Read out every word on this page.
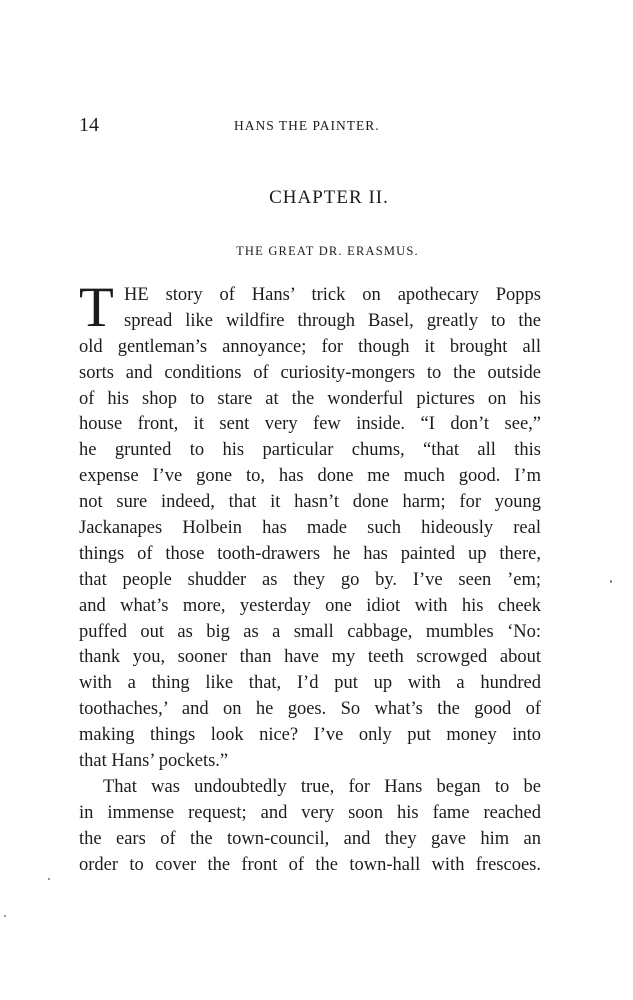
14	HANS THE PAINTER.
CHAPTER II.
THE GREAT DR. ERASMUS.
T HE story of Hans’ trick on apothecary Popps
spread like wildfire through Basel, greatly to the
old gentleman’s annoyance; for though it brought all
sorts and conditions of curiosity-mongers to the outside
of his shop to stare at the wonderful pictures on his
house front, it sent very few inside. “I don’t see,”
he grunted to his particular chums, “that all this
expense I’ve gone to, has done me much good. I’m
not sure indeed, that it hasn’t done harm; for young
Jackanapes Holbein has made such hideously real
things of those tooth-drawers he has painted up there,
that people shudder as they go by. I’ve seen ’em;
and what’s more, yesterday one idiot with his cheek
puffed out as big as a small cabbage, mumbles ‘No:
thank you, sooner than have my teeth scrowged about
with a thing like that, I’d put up with a hundred
toothaches,’ and on he goes. So what’s the good of
making things look nice? I’ve only put money into
that Hans’ pockets.”
That was undoubtedly true, for Hans began to be
in immense request; and very soon his fame reached
the ears of the town-council, and they gave him an
order to cover the front of the town-hall with frescoes.
